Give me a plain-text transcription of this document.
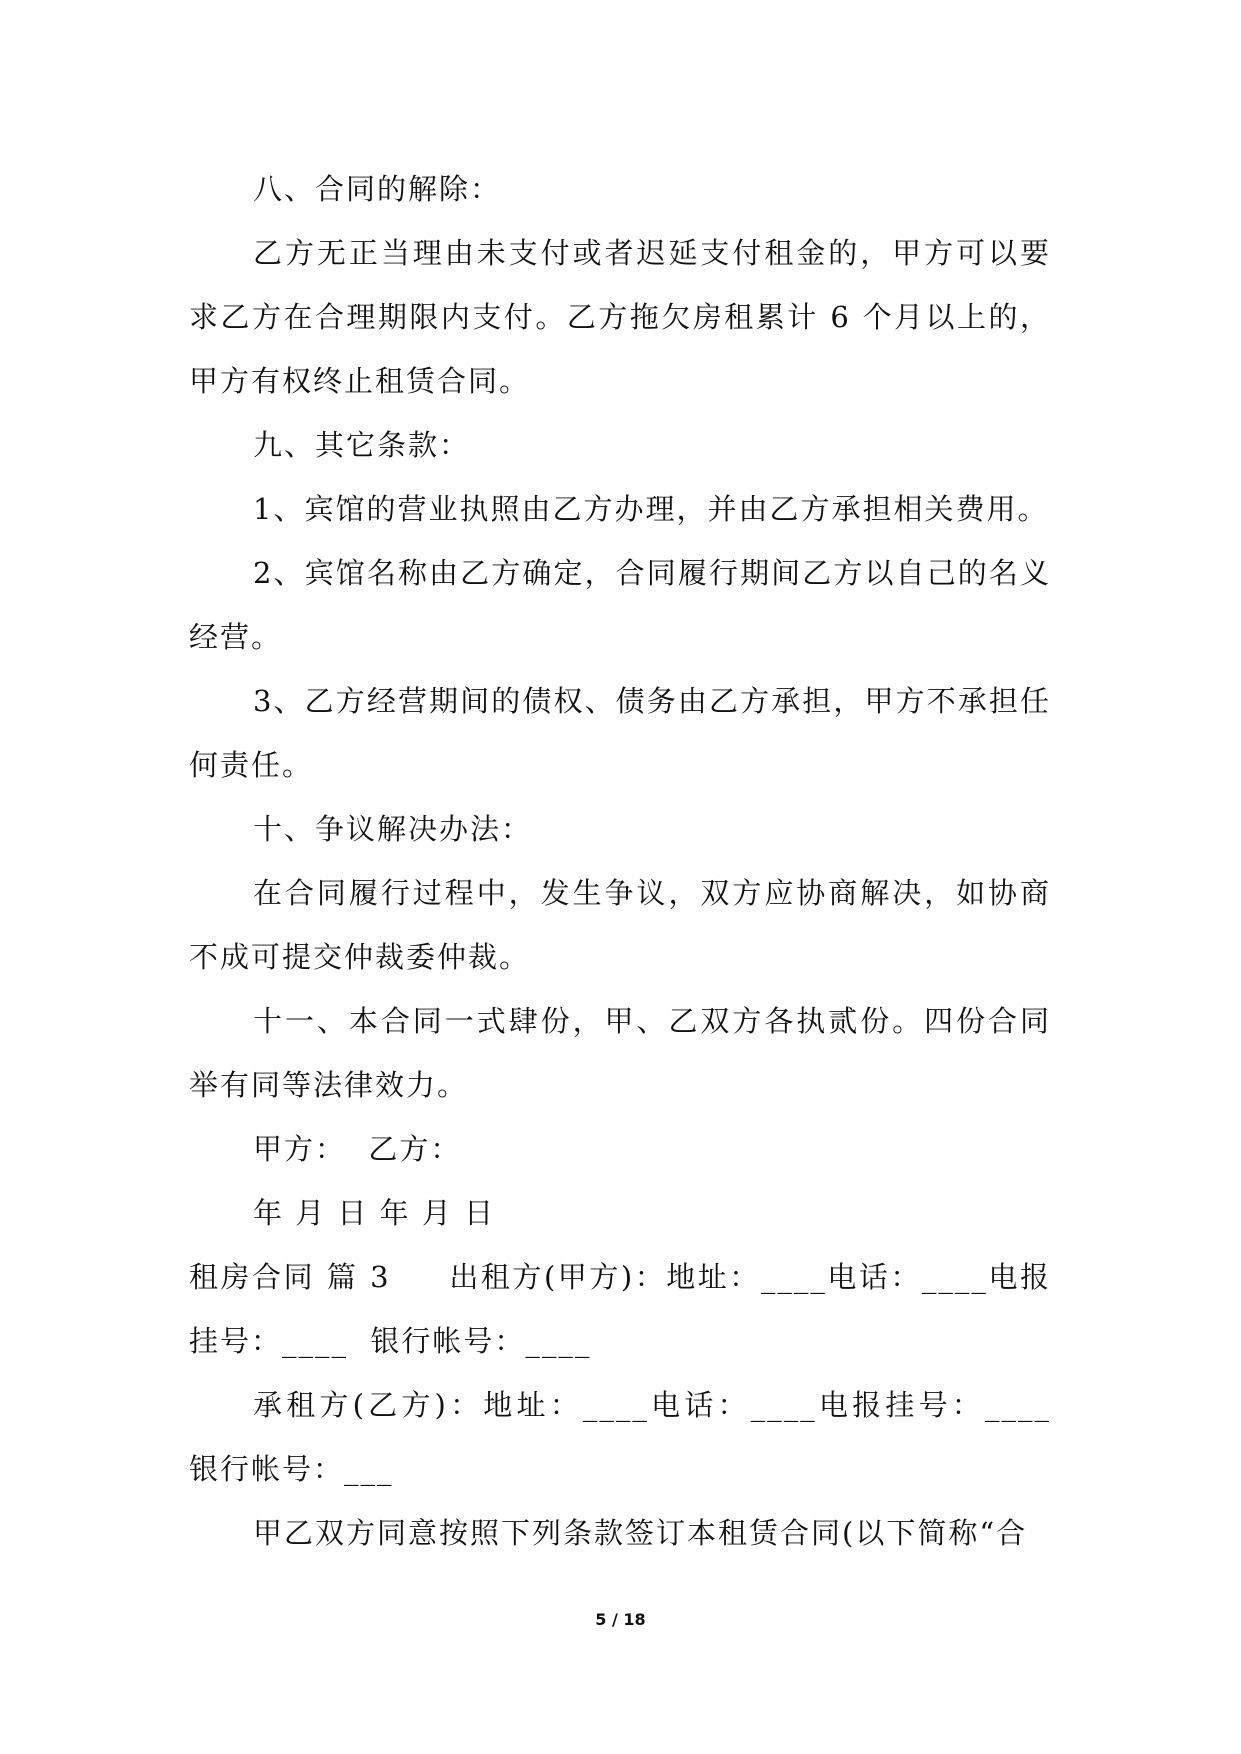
八、合同的解除：

乙方无正当理由未支付或者迟延支付租金的，甲方可以要求乙方在合理期限内支付。乙方拖欠房租累计 6 个月以上的，甲方有权终止租赁合同。

九、其它条款：

1、宾馆的营业执照由乙方办理，并由乙方承担相关费用。

2、宾馆名称由乙方确定，合同履行期间乙方以自己的名义经营。

3、乙方经营期间的债权、债务由乙方承担，甲方不承担任何责任。

十、争议解决办法：

在合同履行过程中，发生争议，双方应协商解决，如协商不成可提交仲裁委仲裁。

十一、本合同一式肆份，甲、乙双方各执贰份。四份合同举有同等法律效力。

甲方：  乙方：

年 月 日 年 月 日

租房合同 篇 3     出租方(甲方)：地址：____电话：____电报挂号：____  银行帐号：____

承租方(乙方)：地址：____电话：____电报挂号：____  银行帐号：___

甲乙双方同意按照下列条款签订本租赁合同(以下简称“合

5 / 18
